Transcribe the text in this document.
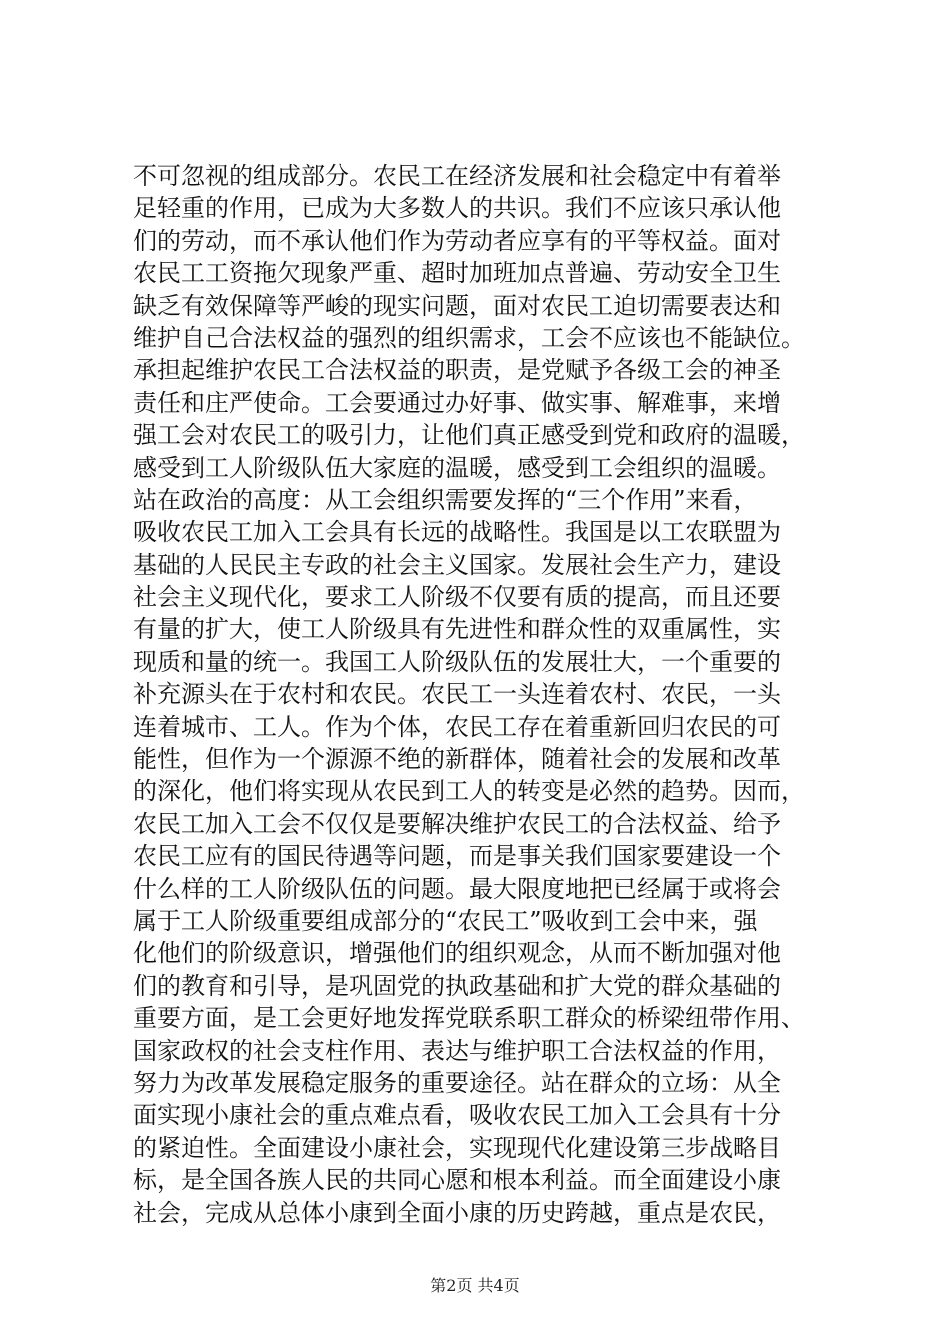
不可忽视的组成部分。农民工在经济发展和社会稳定中有着举
足轻重的作用，已成为大多数人的共识。我们不应该只承认他
们的劳动，而不承认他们作为劳动者应享有的平等权益。面对
农民工工资拖欠现象严重、超时加班加点普遍、劳动安全卫生
缺乏有效保障等严峻的现实问题，面对农民工迫切需要表达和
维护自己合法权益的强烈的组织需求，工会不应该也不能缺位。
承担起维护农民工合法权益的职责，是党赋予各级工会的神圣
责任和庄严使命。工会要通过办好事、做实事、解难事，来增
强工会对农民工的吸引力，让他们真正感受到党和政府的温暖，
感受到工人阶级队伍大家庭的温暖，感受到工会组织的温暖。
站在政治的高度：从工会组织需要发挥的“三个作用”来看，
吸收农民工加入工会具有长远的战略性。我国是以工农联盟为
基础的人民民主专政的社会主义国家。发展社会生产力，建设
社会主义现代化，要求工人阶级不仅要有质的提高，而且还要
有量的扩大，使工人阶级具有先进性和群众性的双重属性，实
现质和量的统一。我国工人阶级队伍的发展壮大，一个重要的
补充源头在于农村和农民。农民工一头连着农村、农民，一头
连着城市、工人。作为个体，农民工存在着重新回归农民的可
能性，但作为一个源源不绝的新群体，随着社会的发展和改革
的深化，他们将实现从农民到工人的转变是必然的趋势。因而，
农民工加入工会不仅仅是要解决维护农民工的合法权益、给予
农民工应有的国民待遇等问题，而是事关我们国家要建设一个
什么样的工人阶级队伍的问题。最大限度地把已经属于或将会
属于工人阶级重要组成部分的“农民工”吸收到工会中来，强
化他们的阶级意识，增强他们的组织观念，从而不断加强对他
们的教育和引导，是巩固党的执政基础和扩大党的群众基础的
重要方面，是工会更好地发挥党联系职工群众的桥梁纽带作用、
国家政权的社会支柱作用、表达与维护职工合法权益的作用，
努力为改革发展稳定服务的重要途径。站在群众的立场：从全
面实现小康社会的重点难点看，吸收农民工加入工会具有十分
的紧迫性。全面建设小康社会，实现现代化建设第三步战略目
标，是全国各族人民的共同心愿和根本利益。而全面建设小康
社会，完成从总体小康到全面小康的历史跨越，重点是农民，
第2页 共4页
